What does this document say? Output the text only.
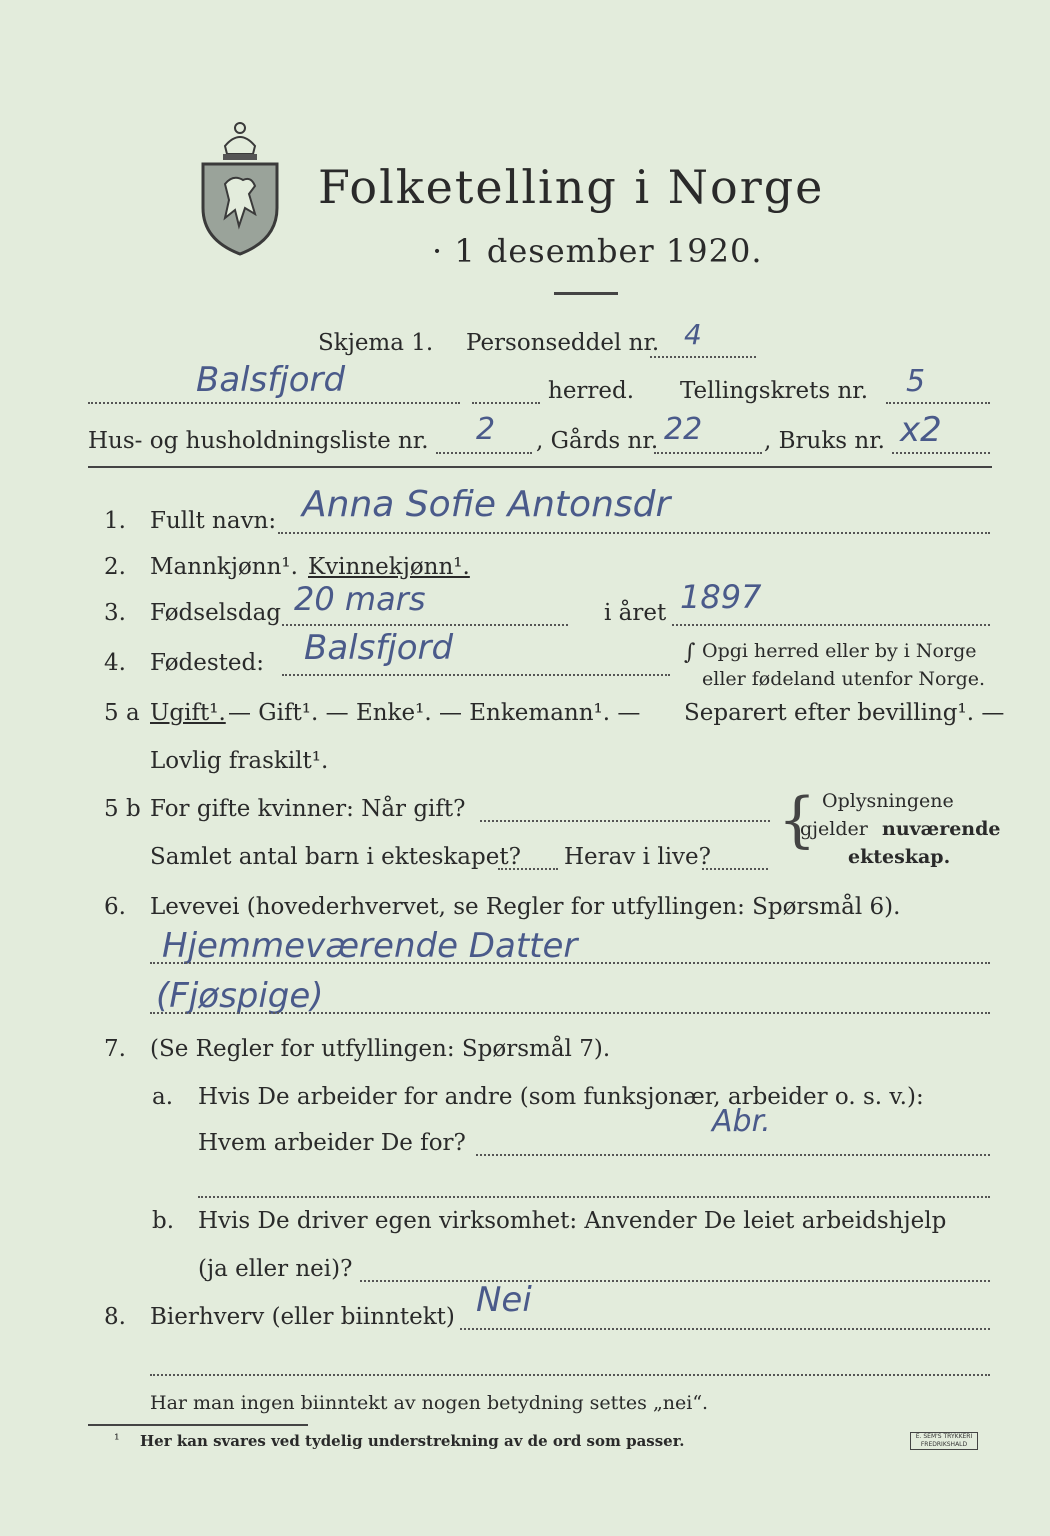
Folketelling i Norge
· 1 desember 1920.
Skjema 1. Personseddel nr. 4
Balsfjord	herred. Tellingskrets nr. 5
Hus- og husholdningsliste nr. 2 , Gårds nr. 22	, Bruks nr. x2
1. Fullt navn: Anna Sofie Antonsdr
2. Mannkjønn¹. Kvinnekjønn¹.
3. Fødselsdag 20 mars	i året 1897
4. Fødested: Balsfjord	∫ Opgi herred eller by i Norge
eller fødeland utenfor Norge.
5 a Ugift¹. — Gift¹. — Enke¹. — Enkemann¹. — Separert efter bevilling¹. —
Lovlig fraskilt¹.
5 b For gifte kvinner: Når gift?
Samlet antal barn i ekteskapet? Herav i live?
{ Oplysningene
gjelder nuværende
ekteskap.
6. Levevei (hovederhvervet, se Regler for utfyllingen: Spørsmål 6).
Hjemmeværende Datter
(Fjøspige)
7. (Se Regler for utfyllingen: Spørsmål 7).
a. Hvis De arbeider for andre (som funksjonær, arbeider o. s. v.):
Hvem arbeider De for?
Abr.
b. Hvis De driver egen virksomhet: Anvender De leiet arbeidshjelp
(ja eller nei)?
8. Bierhverv (eller biinntekt) Nei
Har man ingen biinntekt av nogen betydning settes „nei“.
¹ Her kan svares ved tydelig understrekning av de ord som passer.	E. SEM'S TRYKKERI
FREDRIKSHALD
